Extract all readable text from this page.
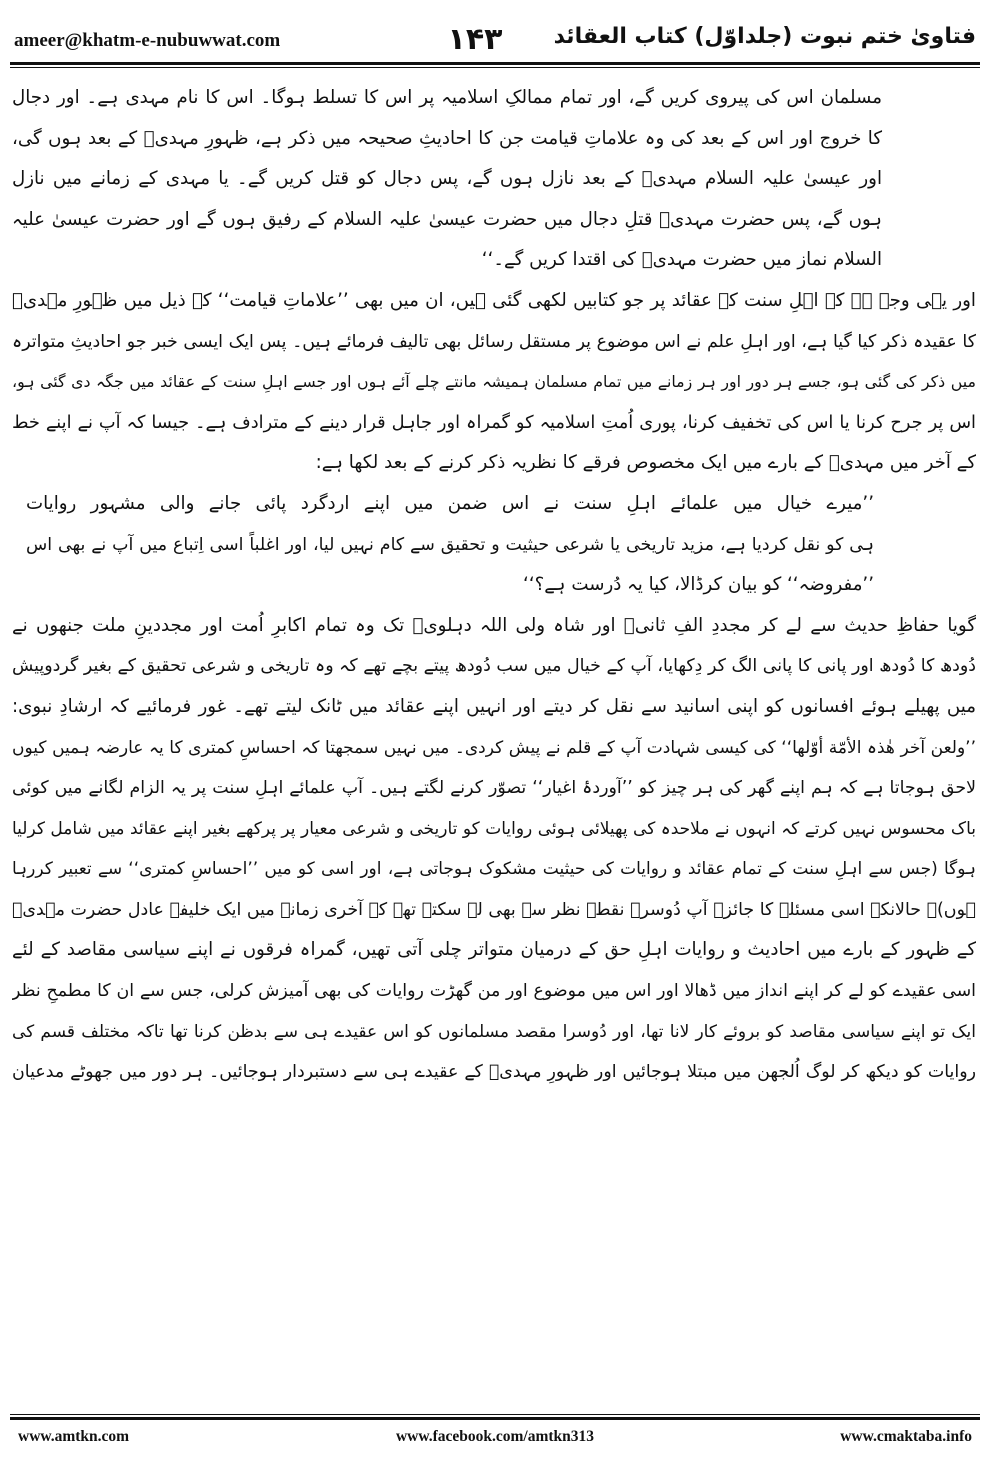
ameer@khatm-e-nubuwwat.com	۱۴۳	فتاویٰ ختم نبوت (جلداوّل) کتاب العقائد
مسلمان اس کی پیروی کریں گے، اور تمام ممالکِ اسلامیہ پر اس کا تسلط ہوگا۔ اس کا نام مہدی ہے۔ اور دجال
کا خروج اور اس کے بعد کی وہ علاماتِ قیامت جن کا احادیثِ صحیحہ میں ذکر ہے، ظہورِ مہدیؒ کے بعد ہوں گی،
اور عیسیٰ علیہ السلام مہدیؒ کے بعد نازل ہوں گے، پس دجال کو قتل کریں گے۔ یا مہدی کے زمانے میں نازل
ہوں گے، پس حضرت مہدیؒ قتلِ دجال میں حضرت عیسیٰ علیہ السلام کے رفیق ہوں گے اور حضرت عیسیٰ علیہ
السلام نماز میں حضرت مہدیؒ کی اقتدا کریں گے۔‘‘
اور یہی وجہ ہے کہ اہلِ سنت کے عقائد پر جو کتابیں لکھی گئی ہیں، ان میں بھی ’’علاماتِ قیامت‘‘ کے ذیل میں ظہورِ مہدیؒ
کا عقیدہ ذکر کیا گیا ہے، اور اہلِ علم نے اس موضوع پر مستقل رسائل بھی تالیف فرمائے ہیں۔ پس ایک ایسی خبر جو احادیثِ متواترہ
میں ذکر کی گئی ہو، جسے ہر دور اور ہر زمانے میں تمام مسلمان ہمیشہ مانتے چلے آئے ہوں اور جسے اہلِ سنت کے عقائد میں جگہ دی گئی ہو،
اس پر جرح کرنا یا اس کی تخفیف کرنا، پوری اُمتِ اسلامیہ کو گمراہ اور جاہل قرار دینے کے مترادف ہے۔ جیسا کہ آپ نے اپنے خط
کے آخر میں مہدیؒ کے بارے میں ایک مخصوص فرقے کا نظریہ ذکر کرنے کے بعد لکھا ہے:
’’میرے خیال میں علمائے اہلِ سنت نے اس ضمن میں اپنے اردگرد پائی جانے والی مشہور روایات
ہی کو نقل کردیا ہے، مزید تاریخی یا شرعی حیثیت و تحقیق سے کام نہیں لیا، اور اغلباً اسی اِتباع میں آپ نے بھی اس
’’مفروضہ‘‘ کو بیان کرڈالا، کیا یہ دُرست ہے؟‘‘
گویا حفاظِ حدیث سے لے کر مجددِ الفِ ثانیؒ اور شاہ ولی اللہ دہلویؒ تک وہ تمام اکابرِ اُمت اور مجددینِ ملت جنھوں نے
دُودھ کا دُودھ اور پانی کا پانی الگ کر دِکھایا، آپ کے خیال میں سب دُودھ پیتے بچے تھے کہ وہ تاریخی و شرعی تحقیق کے بغیر گردوپیش
میں پھیلے ہوئے افسانوں کو اپنی اسانید سے نقل کر دیتے اور انہیں اپنے عقائد میں ٹانک لیتے تھے۔ غور فرمائیے کہ ارشادِ نبوی:
’’ولعن آخر ھٰذہ الأمّة أوّلها‘‘ کی کیسی شہادت آپ کے قلم نے پیش کردی۔ میں نہیں سمجھتا کہ احساسِ کمتری کا یہ عارضہ ہمیں کیوں
لاحق ہوجاتا ہے کہ ہم اپنے گھر کی ہر چیز کو ’’آوردۂ اغیار‘‘ تصوّر کرنے لگتے ہیں۔ آپ علمائے اہلِ سنت پر یہ الزام لگانے میں کوئی
باک محسوس نہیں کرتے کہ انہوں نے ملاحدہ کی پھیلائی ہوئی روایات کو تاریخی و شرعی معیار پر پرکھے بغیر اپنے عقائد میں شامل کرلیا
ہوگا (جس سے اہلِ سنت کے تمام عقائد و روایات کی حیثیت مشکوک ہوجاتی ہے، اور اسی کو میں ’’احساسِ کمتری‘‘ سے تعبیر کررہا
ہوں)۔ حالانکہ اسی مسئلے کا جائزہ آپ دُوسرے نقطۂ نظر سے بھی لے سکتے تھے کہ آخری زمانے میں ایک خلیفۂ عادل حضرت مہدیؒ
کے ظہور کے بارے میں احادیث و روایات اہلِ حق کے درمیان متواتر چلی آتی تھیں، گمراہ فرقوں نے اپنے سیاسی مقاصد کے لئے
اسی عقیدے کو لے کر اپنے انداز میں ڈھالا اور اس میں موضوع اور من گھڑت روایات کی بھی آمیزش کرلی، جس سے ان کا مطمحِ نظر
ایک تو اپنے سیاسی مقاصد کو بروئے کار لانا تھا، اور دُوسرا مقصد مسلمانوں کو اس عقیدے ہی سے بدظن کرنا تھا تاکہ مختلف قسم کی
روایات کو دیکھ کر لوگ اُلجھن میں مبتلا ہوجائیں اور ظہورِ مہدیؒ کے عقیدے ہی سے دستبردار ہوجائیں۔ ہر دور میں جھوٹے مدعیان
www.amtkn.com	www.facebook.com/amtkn313	www.cmaktaba.info
